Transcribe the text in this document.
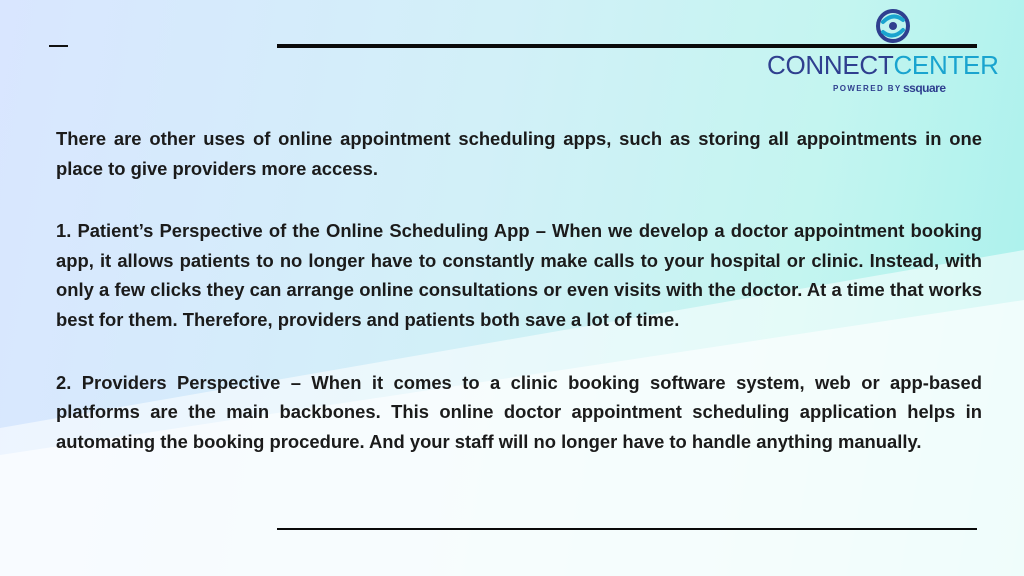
CONNECTCENTER
POWERED BY ssquare

There are other uses of online appointment scheduling apps, such as storing all appointments in one place to give providers more access.

1. Patient’s Perspective of the Online Scheduling App – When we develop a doctor appointment booking app, it allows patients to no longer have to constantly make calls to your hospital or clinic. Instead, with only a few clicks they can arrange online consultations or even visits with the doctor. At a time that works best for them. Therefore, providers and patients both save a lot of time.

2. Providers Perspective – When it comes to a clinic booking software system, web or app-based platforms are the main backbones. This online doctor appointment scheduling application helps in automating the booking procedure. And your staff will no longer have to handle anything manually.
